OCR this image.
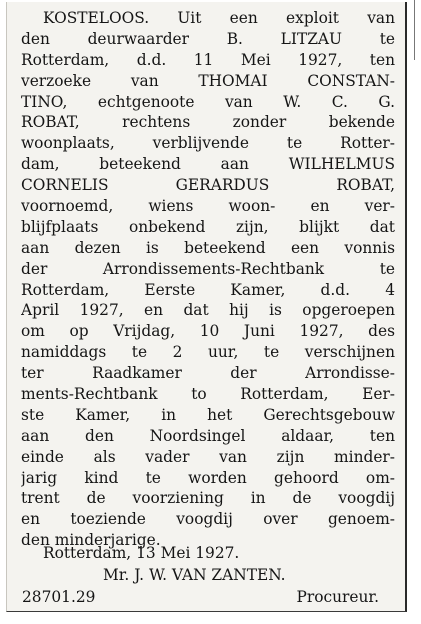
KOSTELOOS. Uit een exploit van
den deurwaarder B. LITZAU te
Rotterdam, d.d. 11 Mei 1927, ten
verzoeke van THOMAI CONSTAN-
TINO, echtgenoote van W. C. G.
ROBAT, rechtens zonder bekende
woonplaats, verblijvende te Rotter-
dam, beteekend aan WILHELMUS
CORNELIS GERARDUS ROBAT,
voornoemd, wiens woon- en ver-
blijfplaats onbekend zijn, blijkt dat
aan dezen is beteekend een vonnis
der Arrondissements-Rechtbank te
Rotterdam, Eerste Kamer, d.d. 4
April 1927, en dat hij is opgeroepen
om op Vrijdag, 10 Juni 1927, des
namiddags te 2 uur, te verschijnen
ter Raadkamer der Arrondisse-
ments-Rechtbank to Rotterdam, Eer-
ste Kamer, in het Gerechtsgebouw
aan den Noordsingel aldaar, ten
einde als vader van zijn minder-
jarig kind te worden gehoord om-
trent de voorziening in de voogdij
en toeziende voogdij over genoem-
den minderjarige.
Rotterdam, 13 Mei 1927.
Mr. J. W. VAN ZANTEN.
28701.29	Procureur.
